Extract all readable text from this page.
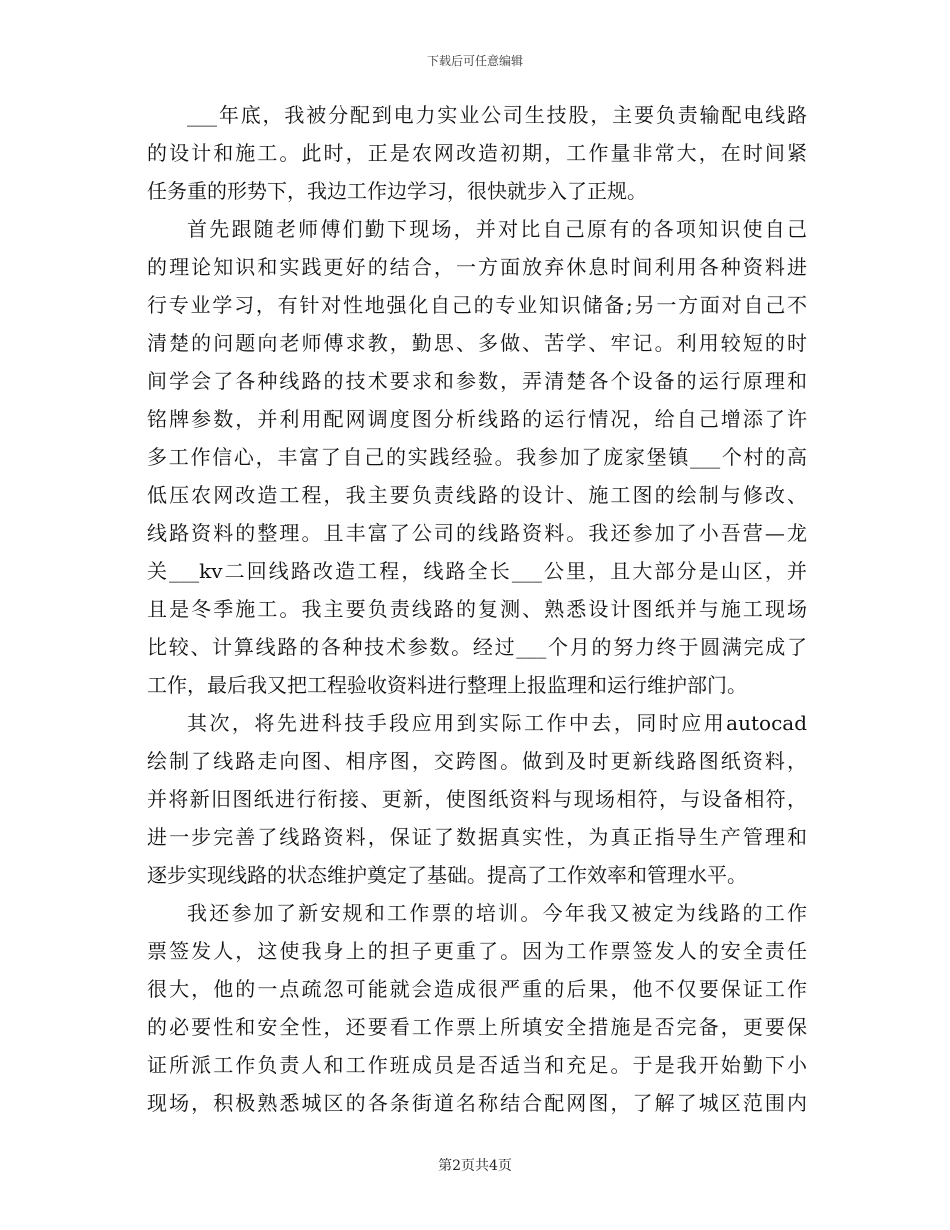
下载后可任意编辑
___年底，我被分配到电力实业公司生技股，主要负责输配电线路
的设计和施工。此时，正是农网改造初期，工作量非常大，在时间紧
任务重的形势下，我边工作边学习，很快就步入了正规。
首先跟随老师傅们勤下现场，并对比自己原有的各项知识使自己
的理论知识和实践更好的结合，一方面放弃休息时间利用各种资料进
行专业学习，有针对性地强化自己的专业知识储备;另一方面对自己不
清楚的问题向老师傅求教，勤思、多做、苦学、牢记。利用较短的时
间学会了各种线路的技术要求和参数，弄清楚各个设备的运行原理和
铭牌参数，并利用配网调度图分析线路的运行情况，给自己增添了许
多工作信心，丰富了自己的实践经验。我参加了庞家堡镇___个村的高
低压农网改造工程，我主要负责线路的设计、施工图的绘制与修改、
线路资料的整理。且丰富了公司的线路资料。我还参加了小吾营—龙
关___kv二回线路改造工程，线路全长___公里，且大部分是山区，并
且是冬季施工。我主要负责线路的复测、熟悉设计图纸并与施工现场
比较、计算线路的各种技术参数。经过___个月的努力终于圆满完成了
工作，最后我又把工程验收资料进行整理上报监理和运行维护部门。
其次，将先进科技手段应用到实际工作中去，同时应用autocad
绘制了线路走向图、相序图，交跨图。做到及时更新线路图纸资料，
并将新旧图纸进行衔接、更新，使图纸资料与现场相符，与设备相符，
进一步完善了线路资料，保证了数据真实性，为真正指导生产管理和
逐步实现线路的状态维护奠定了基础。提高了工作效率和管理水平。
我还参加了新安规和工作票的培训。今年我又被定为线路的工作
票签发人，这使我身上的担子更重了。因为工作票签发人的安全责任
很大，他的一点疏忽可能就会造成很严重的后果，他不仅要保证工作
的必要性和安全性，还要看工作票上所填安全措施是否完备，更要保
证所派工作负责人和工作班成员是否适当和充足。于是我开始勤下小
现场，积极熟悉城区的各条街道名称结合配网图，了解了城区范围内
第2页共4页
